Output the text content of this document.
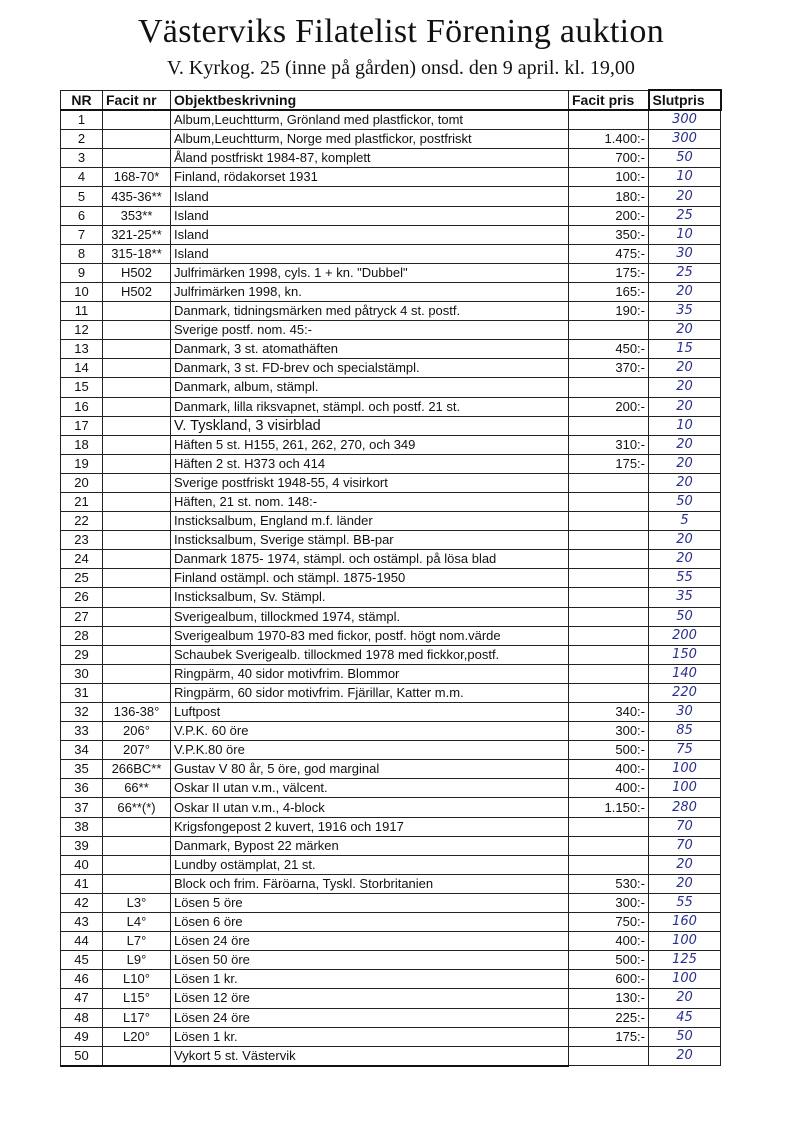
Västerviks Filatelist Förening auktion
V. Kyrkog. 25 (inne på gården) onsd. den 9 april. kl. 19,00
NR	Facit nr	Objektbeskrivning	Facit pris	Slutpris
1		Album,Leuchtturm, Grönland med plastfickor, tomt		300
2		Album,Leuchtturm, Norge med plastfickor, postfriskt	1.400:-	300
3		Åland postfriskt 1984-87, komplett	700:-	50
4	168-70*	Finland, rödakorset 1931	100:-	10
5	435-36**	Island	180:-	20
6	353**	Island	200:-	25
7	321-25**	Island	350:-	10
8	315-18**	Island	475:-	30
9	H502	Julfrimärken 1998, cyls. 1 + kn. "Dubbel"	175:-	25
10	H502	Julfrimärken 1998, kn.	165:-	20
11		Danmark, tidningsmärken med påtryck 4 st. postf.	190:-	35
12		Sverige postf. nom. 45:-		20
13		Danmark, 3 st. atomathäften	450:-	15
14		Danmark, 3 st. FD-brev och specialstämpl.	370:-	20
15		Danmark, album, stämpl.		20
16		Danmark, lilla riksvapnet, stämpl. och postf. 21 st.	200:-	20
17		V. Tyskland, 3 visirblad		10
18		Häften 5 st. H155, 261, 262, 270, och 349	310:-	20
19		Häften 2 st. H373 och 414	175:-	20
20		Sverige postfriskt 1948-55, 4 visirkort		20
21		Häften, 21 st. nom. 148:-		50
22		Insticksalbum, England m.f. länder		5
23		Insticksalbum, Sverige stämpl. BB-par		20
24		Danmark 1875- 1974, stämpl. och ostämpl. på lösa blad		20
25		Finland ostämpl. och stämpl. 1875-1950		55
26		Insticksalbum, Sv. Stämpl.		35
27		Sverigealbum, tillockmed 1974, stämpl.		50
28		Sverigealbum 1970-83 med fickor, postf. högt nom.värde		200
29		Schaubek Sverigealb. tillockmed 1978 med fickkor,postf.		150
30		Ringpärm, 40 sidor motivfrim. Blommor		140
31		Ringpärm, 60 sidor motivfrim. Fjärillar, Katter m.m.		220
32	136-38°	Luftpost	340:-	30
33	206°	V.P.K. 60 öre	300:-	85
34	207°	V.P.K.80 öre	500:-	75
35	266BC**	Gustav V 80 år, 5 öre, god marginal	400:-	100
36	66**	Oskar II utan v.m., välcent.	400:-	100
37	66**(*)	Oskar II utan v.m., 4-block	1.150:-	280
38		Krigsfongepost 2 kuvert, 1916 och 1917		70
39		Danmark, Bypost 22 märken		70
40		Lundby ostämplat, 21 st.		20
41		Block och frim. Färöarna, Tyskl. Storbritanien	530:-	20
42	L3°	Lösen 5 öre	300:-	55
43	L4°	Lösen 6 öre	750:-	160
44	L7°	Lösen 24 öre	400:-	100
45	L9°	Lösen 50 öre	500:-	125
46	L10°	Lösen 1 kr.	600:-	100
47	L15°	Lösen 12 öre	130:-	20
48	L17°	Lösen 24 öre	225:-	45
49	L20°	Lösen 1 kr.	175:-	50
50		Vykort 5 st. Västervik		20
